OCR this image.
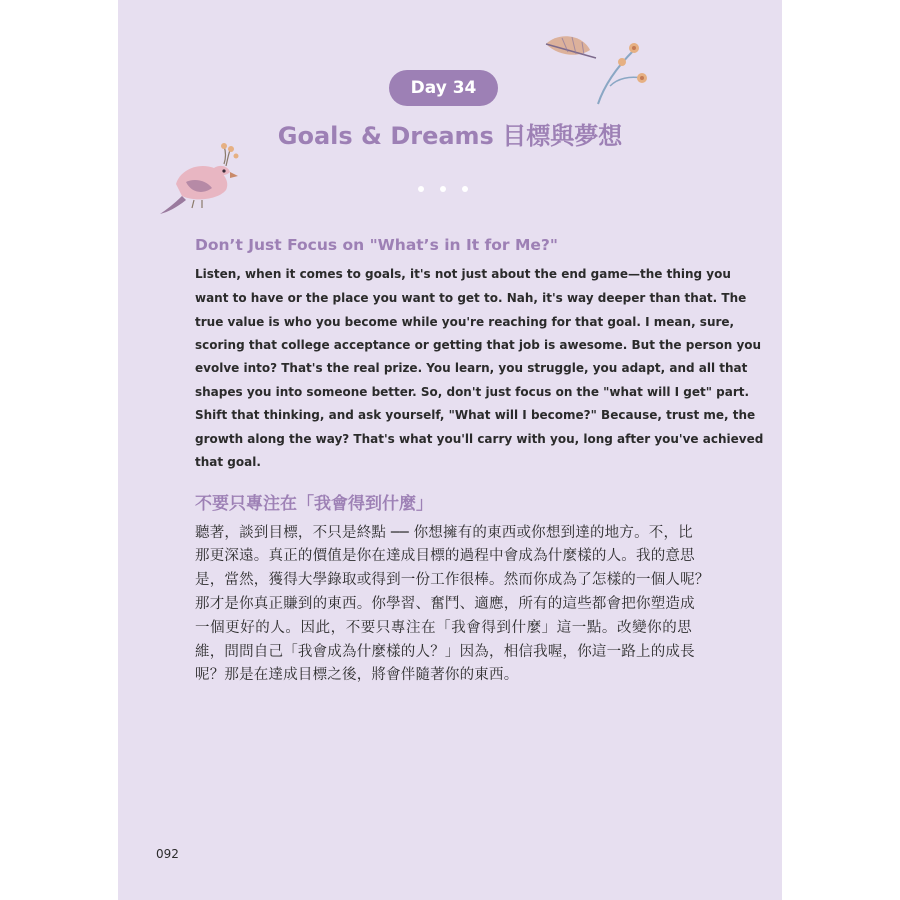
Day 34
Goals & Dreams 目標與夢想
Don’t Just Focus on "What’s in It for Me?"
Listen, when it comes to goals, it's not just about the end game—the thing you
want to have or the place you want to get to. Nah, it's way deeper than that. The
true value is who you become while you're reaching for that goal. I mean, sure,
scoring that college acceptance or getting that job is awesome. But the person you
evolve into? That's the real prize. You learn, you struggle, you adapt, and all that
shapes you into someone better. So, don't just focus on the "what will I get" part.
Shift that thinking, and ask yourself, "What will I become?" Because, trust me, the
growth along the way? That's what you'll carry with you, long after you've achieved
that goal.
不要只專注在「我會得到什麼」
聽著，談到目標，不只是終點 ── 你想擁有的東西或你想到達的地方。不，比
那更深遠。真正的價值是你在達成目標的過程中會成為什麼樣的人。我的意思
是，當然，獲得大學錄取或得到一份工作很棒。然而你成為了怎樣的一個人呢？
那才是你真正賺到的東西。你學習、奮鬥、適應，所有的這些都會把你塑造成
一個更好的人。因此，不要只專注在「我會得到什麼」這一點。改變你的思
維，問問自己「我會成為什麼樣的人？」因為，相信我喔，你這一路上的成長
呢？那是在達成目標之後，將會伴隨著你的東西。
092
